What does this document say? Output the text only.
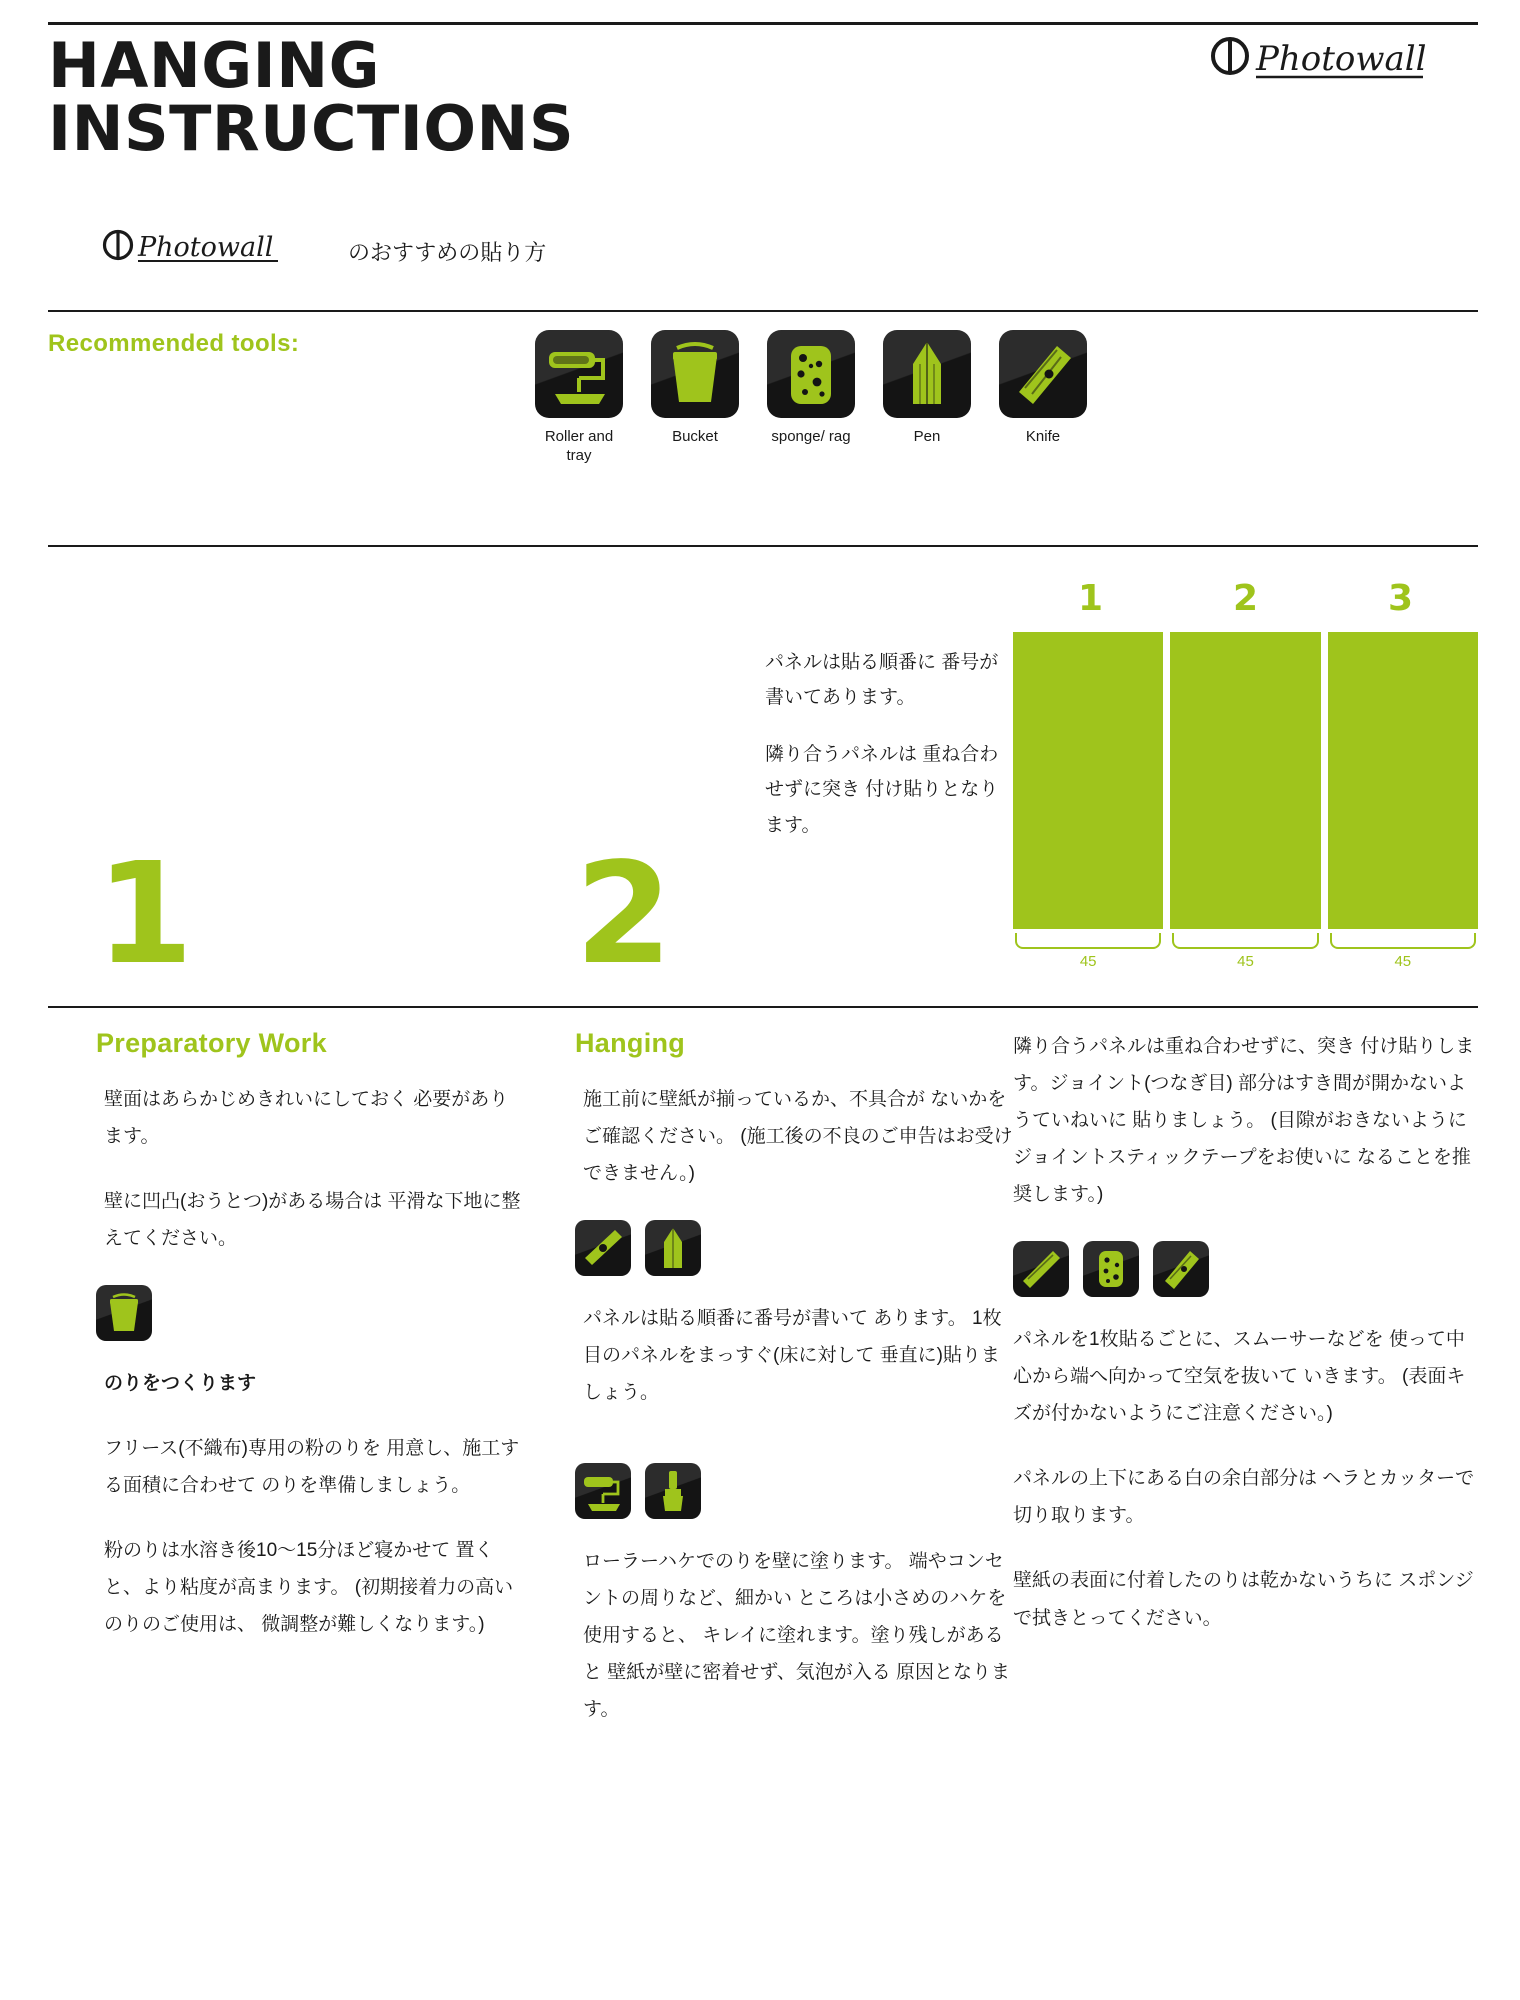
HANGING
INSTRUCTIONS
Photowall
Photowall	のおすすめの貼り方
Recommended tools:
Roller and tray
Bucket	sponge/ rag	Pen	Knife

パネルは貼る順番に 番号が書いてあります。

隣り合うパネルは 重ね合わせずに突き 付け貼りとなります。

1	2	3
45	45	45
1	2
Preparatory Work

壁面はあらかじめきれいにしておく 必要があります。

壁に凹凸(おうとつ)がある場合は 平滑な下地に整えてください。

のりをつくります

フリース(不織布)専用の粉のりを 用意し、施工する面積に合わせて のりを準備しましょう。

粉のりは水溶き後10〜15分ほど寝かせて 置くと、より粘度が高まります。 (初期接着力の高いのりのご使用は、 微調整が難しくなります。)

Hanging

施工前に壁紙が揃っているか、不具合が ないかをご確認ください。 (施工後の不良のご申告はお受けできません。)

パネルは貼る順番に番号が書いて あります。 1枚目のパネルをまっすぐ(床に対して 垂直に)貼りましょう。

ローラーハケでのりを壁に塗ります。 端やコンセントの周りなど、細かい ところは小さめのハケを使用すると、 キレイに塗れます。塗り残しがあると 壁紙が壁に密着せず、気泡が入る 原因となります。

隣り合うパネルは重ね合わせずに、突き 付け貼りします。ジョイント(つなぎ目) 部分はすき間が開かないようていねいに 貼りましょう。 (目隙がおきないように ジョイントスティックテープをお使いに なることを推奨します。)

パネルを1枚貼るごとに、スムーサーなどを 使って中心から端へ向かって空気を抜いて いきます。 (表面キズが付かないようにご注意ください。)

パネルの上下にある白の余白部分は ヘラとカッターで切り取ります。

壁紙の表面に付着したのりは乾かないうちに スポンジで拭きとってください。
